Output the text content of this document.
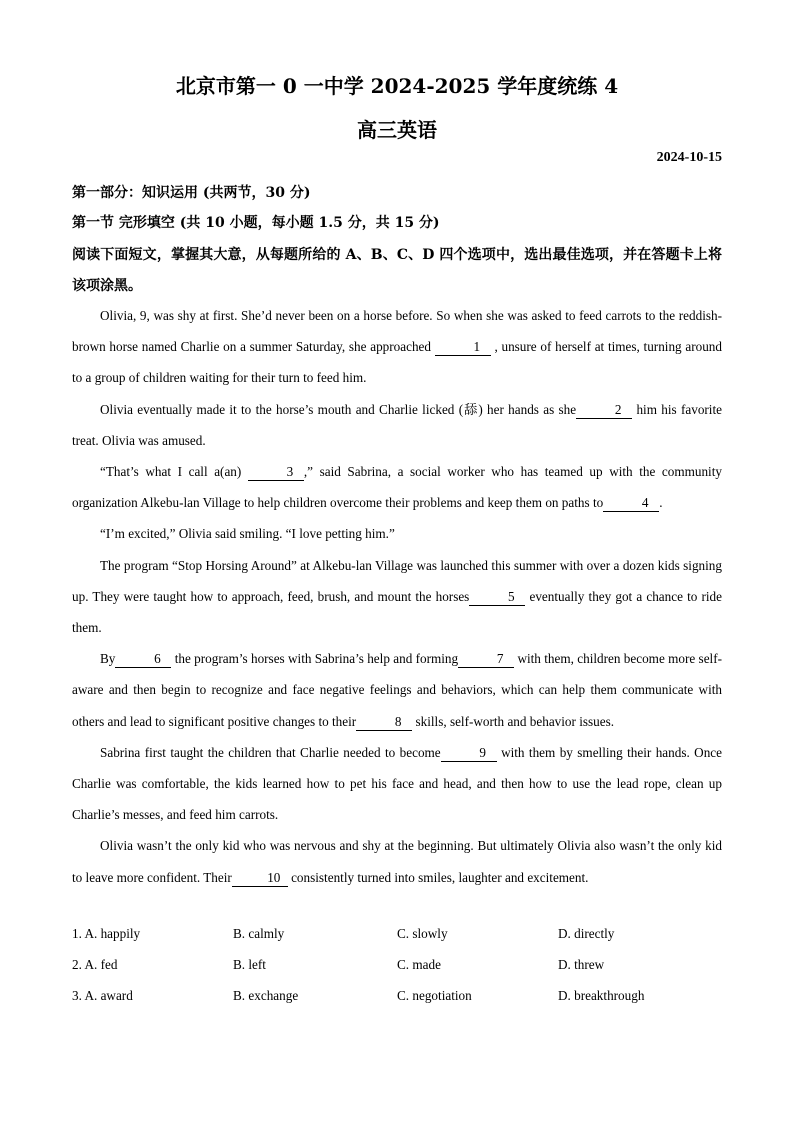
北京市第一 0 一中学 2024-2025 学年度统练 4
高三英语
2024-10-15
第一部分：知识运用 (共两节，30 分)
第一节 完形填空 (共 10 小题，每小题 1.5 分，共 15 分)
阅读下面短文，掌握其大意，从每题所给的 A、B、C、D 四个选项中，选出最佳选项，并在答题卡上将该项涂黑。

Olivia, 9, was shy at first. She’d never been on a horse before. So when she was asked to feed carrots to the reddish-brown horse named Charlie on a summer Saturday, she approached	1 , unsure of herself at times, turning around to a group of children waiting for their turn to feed him.

Olivia eventually made it to the horse’s mouth and Charlie licked (舔) her hands as she	2 him his favorite treat. Olivia was amused.

“That’s what I call a(an)	3 ,” said Sabrina, a social worker who has teamed up with the community organization Alkebu-lan Village to help children overcome their problems and keep them on paths to	4 .

“I’m excited,” Olivia said smiling. “I love petting him.”

The program “Stop Horsing Around” at Alkebu-lan Village was launched this summer with over a dozen kids signing up. They were taught how to approach, feed, brush, and mount the horses	5 eventually they got a chance to ride them.

By	6 the program’s horses with Sabrina’s help and forming	7 with them, children become more self-aware and then begin to recognize and face negative feelings and behaviors, which can help them communicate with others and lead to significant positive changes to their	8 skills, self-worth and behavior issues.

Sabrina first taught the children that Charlie needed to become	9 with them by smelling their hands. Once Charlie was comfortable, the kids learned how to pet his face and head, and then how to use the lead rope, clean up Charlie’s messes, and feed him carrots.

Olivia wasn’t the only kid who was nervous and shy at the beginning. But ultimately Olivia also wasn’t the only kid to leave more confident. Their	10 consistently turned into smiles, laughter and excitement.

1. A. happily	B. calmly	C. slowly	D. directly
2. A. fed	B. left	C. made	D. threw
3. A. award	B. exchange	C. negotiation	D. breakthrough
